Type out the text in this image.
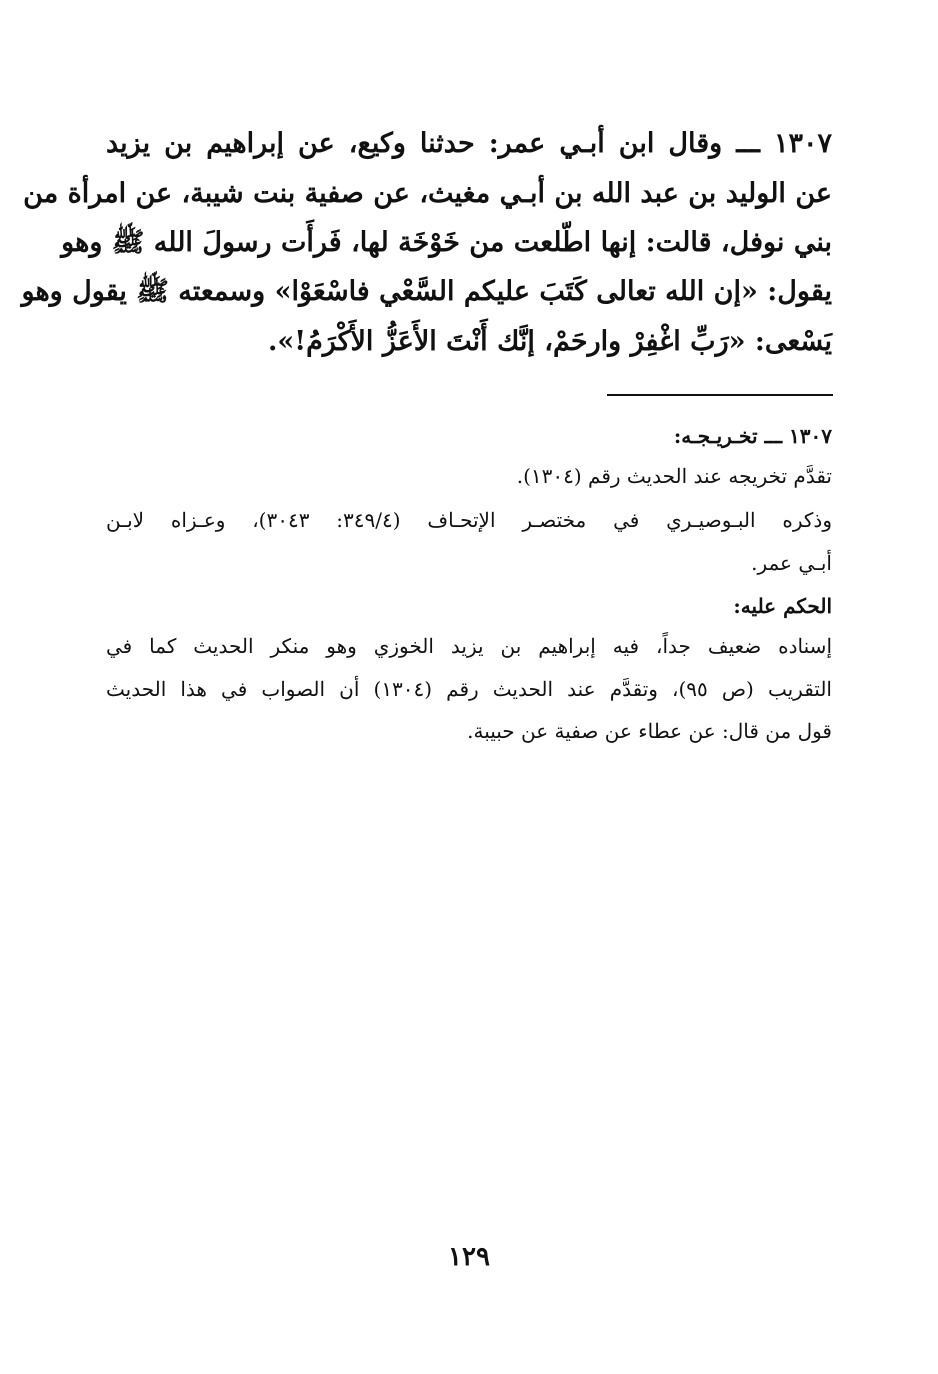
١٣٠٧ ـــ وقال ابن أبـي عمر: حدثنا وكيع، عن إبراهيم بن يزيد
عن الوليد بن عبد الله بن أبـي مغيث، عن صفية بنت شيبة، عن امرأة من
بني نوفل، قالت: إنها اطّلعت من خَوْخَة لها، فَرأَت رسولَ الله ﷺ وهو
يقول: «إن الله تعالى كَتَبَ عليكم السَّعْي فاسْعَوْا» وسمعته ﷺ يقول وهو
يَسْعى: «رَبِّ اغْفِرْ وارحَمْ، إنَّك أَنْتَ الأَعَزُّ الأَكْرَمُ!».
١٣٠٧ ـــ تخـريـجـه:
تقدَّم تخريجه عند الحديث رقم (١٣٠٤).
وذكره البـوصيـري في مختصـر الإتحـاف (٣٤٩/٤: ٣٠٤٣)، وعـزاه لابـن
أبـي عمر.
الحكم عليه:
إسناده ضعيف جداً، فيه إبراهيم بن يزيد الخوزي وهو منكر الحديث كما في
التقريب (ص ٩٥)، وتقدَّم عند الحديث رقم (١٣٠٤) أن الصواب في هذا الحديث
قول من قال: عن عطاء عن صفية عن حبيبة.
١٢٩
